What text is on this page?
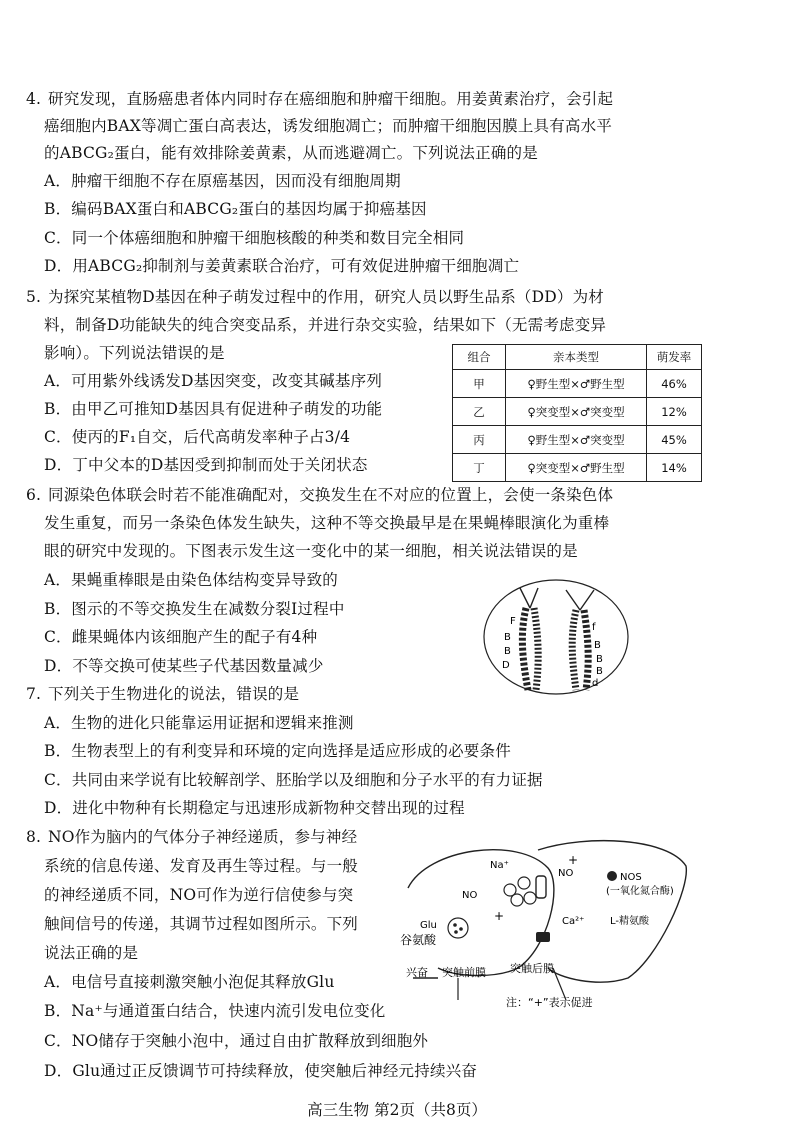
4. 研究发现，直肠癌患者体内同时存在癌细胞和肿瘤干细胞。用姜黄素治疗，会引起
癌细胞内BAX等凋亡蛋白高表达，诱发细胞凋亡；而肿瘤干细胞因膜上具有高水平
的ABCG₂蛋白，能有效排除姜黄素，从而逃避凋亡。下列说法正确的是
A．肿瘤干细胞不存在原癌基因，因而没有细胞周期
B．编码BAX蛋白和ABCG₂蛋白的基因均属于抑癌基因
C．同一个体癌细胞和肿瘤干细胞核酸的种类和数目完全相同
D．用ABCG₂抑制剂与姜黄素联合治疗，可有效促进肿瘤干细胞凋亡
5. 为探究某植物D基因在种子萌发过程中的作用，研究人员以野生品系（DD）为材
料，制备D功能缺失的纯合突变品系，并进行杂交实验，结果如下（无需考虑变异
影响）。下列说法错误的是
A．可用紫外线诱发D基因突变，改变其碱基序列
B．由甲乙可推知D基因具有促进种子萌发的功能
C．使丙的F₁自交，后代高萌发率种子占3/4
D．丁中父本的D基因受到抑制而处于关闭状态
组合	亲本类型	萌发率
甲	♀野生型×♂野生型	46%
乙	♀突变型×♂突变型	12%
丙	♀野生型×♂突变型	45%
丁	♀突变型×♂野生型	14%
6. 同源染色体联会时若不能准确配对，交换发生在不对应的位置上，会使一条染色体
发生重复，而另一条染色体发生缺失，这种不等交换最早是在果蝇棒眼演化为重棒
眼的研究中发现的。下图表示发生这一变化中的某一细胞，相关说法错误的是
A．果蝇重棒眼是由染色体结构变异导致的
B．图示的不等交换发生在减数分裂Ⅰ过程中
C．雌果蝇体内该细胞产生的配子有4种
D．不等交换可使某些子代基因数量减少
F
B
B
D
f
B
B
B
d
7. 下列关于生物进化的说法，错误的是
A．生物的进化只能靠运用证据和逻辑来推测
B．生物表型上的有利变异和环境的定向选择是适应形成的必要条件
C．共同由来学说有比较解剖学、胚胎学以及细胞和分子水平的有力证据
D．进化中物种有长期稳定与迅速形成新物种交替出现的过程
8. NO作为脑内的气体分子神经递质，参与神经
系统的信息传递、发育及再生等过程。与一般
的神经递质不同，NO可作为逆行信使参与突
触间信号的传递，其调节过程如图所示。下列
说法正确的是
A．电信号直接刺激突触小泡促其释放Glu
B．Na⁺与通道蛋白结合，快速内流引发电位变化
C．NO储存于突触小泡中，通过自由扩散释放到细胞外
D．Glu通过正反馈调节可持续释放，使突触后神经元持续兴奋
NOS
(一氧化氮合酶)
Na⁺
NO
NO
Glu
谷氨酸
Ca²⁺	L-精氨酸
兴奋 突触前膜 突触后膜
注：“+”表示促进
+
+
高三生物 第2页（共8页）
